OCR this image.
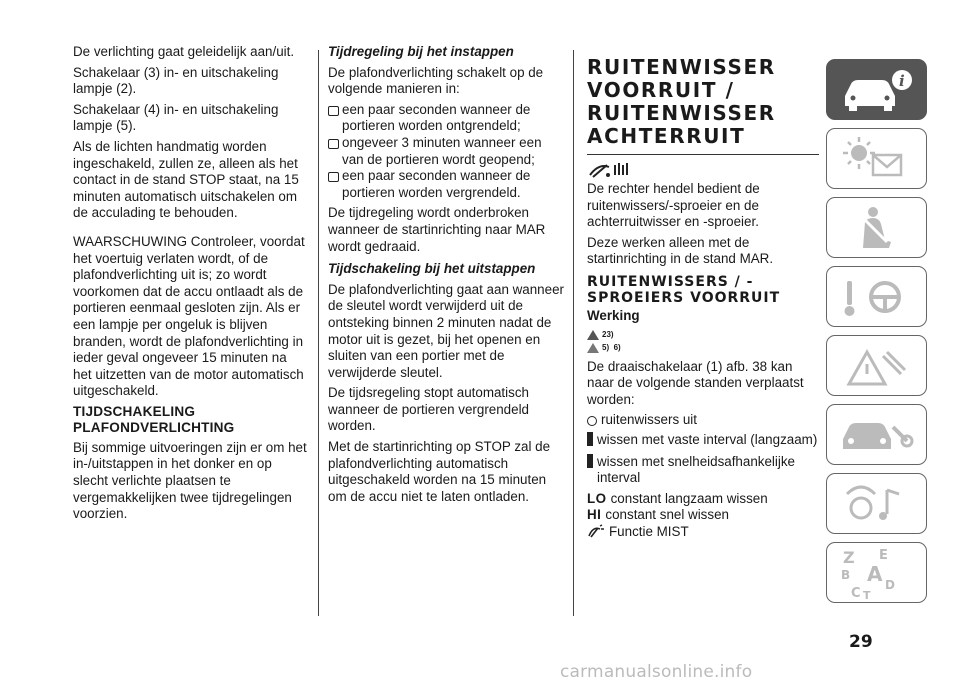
De verlichting gaat geleidelijk aan/uit.

Schakelaar (3) in- en uitschakeling lampje (2).

Schakelaar (4) in- en uitschakeling lampje (5).

Als de lichten handmatig worden ingeschakeld, zullen ze, alleen als het contact in de stand STOP staat, na 15 minuten automatisch uitschakelen om de acculading te behouden.

WAARSCHUWING Controleer, voordat het voertuig verlaten wordt, of de plafondverlichting uit is; zo wordt voorkomen dat de accu ontlaadt als de portieren eenmaal gesloten zijn. Als er een lampje per ongeluk is blijven branden, wordt de plafondverlichting in ieder geval ongeveer 15 minuten na het uitzetten van de motor automatisch uitgeschakeld.

TIJDSCHAKELING PLAFONDVERLICHTING

Bij sommige uitvoeringen zijn er om het in-/uitstappen in het donker en op slecht verlichte plaatsen te vergemakkelijken twee tijdregelingen voorzien.

Tijdregeling bij het instappen

De plafondverlichting schakelt op de volgende manieren in:

een paar seconden wanneer de portieren worden ontgrendeld;
ongeveer 3 minuten wanneer een van de portieren wordt geopend;
een paar seconden wanneer de portieren worden vergrendeld.

De tijdregeling wordt onderbroken wanneer de startinrichting naar MAR wordt gedraaid.

Tijdschakeling bij het uitstappen

De plafondverlichting gaat aan wanneer de sleutel wordt verwijderd uit de ontsteking binnen 2 minuten nadat de motor uit is gezet, bij het openen en sluiten van een portier met de verwijderde sleutel.

De tijdsregeling stopt automatisch wanneer de portieren vergrendeld worden.

Met de startinrichting op STOP zal de plafondverlichting automatisch uitgeschakeld worden na 15 minuten om de accu niet te laten ontladen.

RUITENWISSER VOORRUIT / RUITENWISSER ACHTERRUIT

De rechter hendel bedient de ruitenwissers/-sproeier en de achterruitwisser en -sproeier.

Deze werken alleen met de startinrichting in de stand MAR.

RUITENWISSERS / -SPROEIERS VOORRUIT
Werking
23)
5)
6)

De draaischakelaar (1) afb. 38 kan naar de volgende standen verplaatst worden:

ruitenwissers uit
wissen met vaste interval (langzaam)
wissen met snelheidsafhankelijke interval
LO constant langzaam wissen
HI constant snel wissen
Functie MIST
i
Z E
B A
C T
D
29
carmanualsonline.info
